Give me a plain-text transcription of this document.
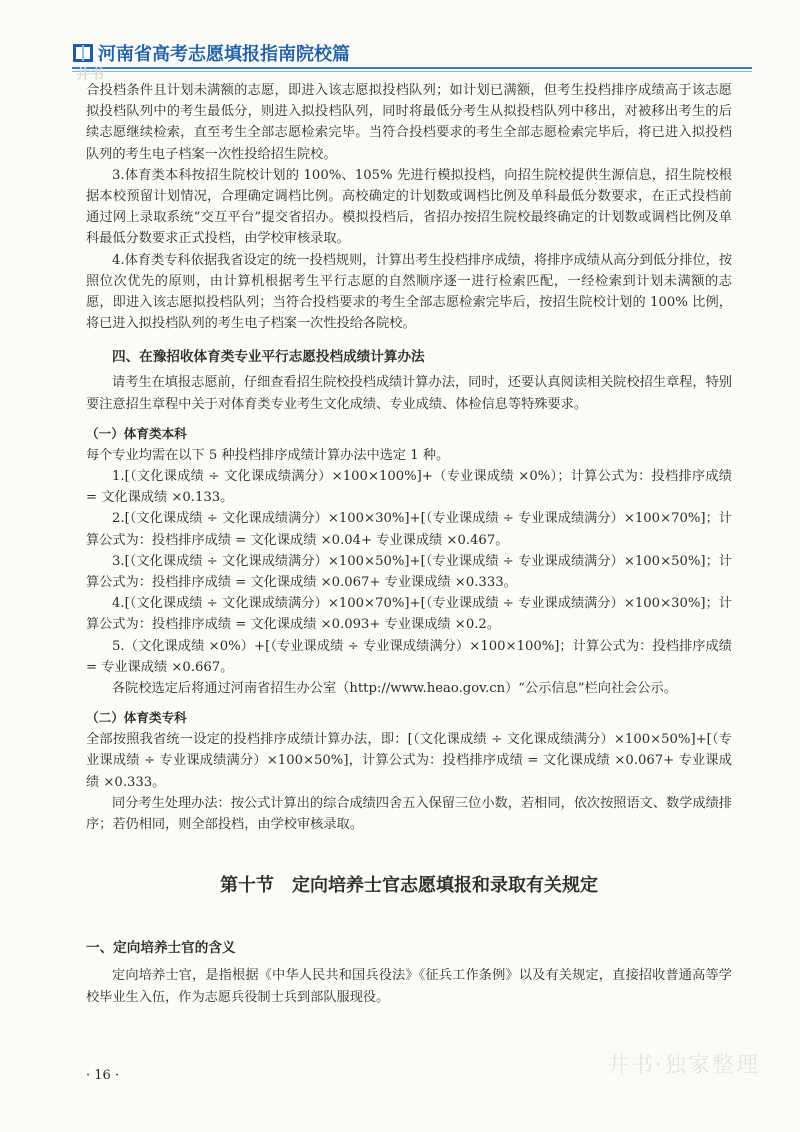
河南省高考志愿填报指南院校篇
井书

合投档条件且计划未满额的志愿，即进入该志愿拟投档队列；如计划已满额，但考生投档排序成绩高于该志愿拟投档队列中的考生最低分，则进入拟投档队列，同时将最低分考生从拟投档队列中移出，对被移出考生的后续志愿继续检索，直至考生全部志愿检索完毕。当符合投档要求的考生全部志愿检索完毕后，将已进入拟投档队列的考生电子档案一次性投给招生院校。

3.体育类本科按招生院校计划的 100%、105% 先进行模拟投档，向招生院校提供生源信息，招生院校根据本校预留计划情况，合理确定调档比例。高校确定的计划数或调档比例及单科最低分数要求，在正式投档前通过网上录取系统“交互平台”提交省招办。模拟投档后，省招办按招生院校最终确定的计划数或调档比例及单科最低分数要求正式投档，由学校审核录取。

4.体育类专科依据我省设定的统一投档规则，计算出考生投档排序成绩，将排序成绩从高分到低分排位，按照位次优先的原则，由计算机根据考生平行志愿的自然顺序逐一进行检索匹配，一经检索到计划未满额的志愿，即进入该志愿拟投档队列；当符合投档要求的考生全部志愿检索完毕后，按招生院校计划的 100% 比例，将已进入拟投档队列的考生电子档案一次性投给各院校。

四、在豫招收体育类专业平行志愿投档成绩计算办法

请考生在填报志愿前，仔细查看招生院校投档成绩计算办法，同时，还要认真阅读相关院校招生章程，特别要注意招生章程中关于对体育类专业考生文化成绩、专业成绩、体检信息等特殊要求。

（一）体育类本科

每个专业均需在以下 5 种投档排序成绩计算办法中选定 1 种。

1.[（文化课成绩 ÷ 文化课成绩满分）×100×100%]+（专业课成绩 ×0%）；计算公式为：投档排序成绩 = 文化课成绩 ×0.133。

2.[（文化课成绩 ÷ 文化课成绩满分）×100×30%]+[（专业课成绩 ÷ 专业课成绩满分）×100×70%]；计算公式为：投档排序成绩 = 文化课成绩 ×0.04+ 专业课成绩 ×0.467。

3.[（文化课成绩 ÷ 文化课成绩满分）×100×50%]+[（专业课成绩 ÷ 专业课成绩满分）×100×50%]；计算公式为：投档排序成绩 = 文化课成绩 ×0.067+ 专业课成绩 ×0.333。

4.[（文化课成绩 ÷ 文化课成绩满分）×100×70%]+[（专业课成绩 ÷ 专业课成绩满分）×100×30%]；计算公式为：投档排序成绩 = 文化课成绩 ×0.093+ 专业课成绩 ×0.2。

5.（文化课成绩 ×0%）+[（专业课成绩 ÷ 专业课成绩满分）×100×100%]；计算公式为：投档排序成绩 = 专业课成绩 ×0.667。

各院校选定后将通过河南省招生办公室（http://www.heao.gov.cn）“公示信息”栏向社会公示。

（二）体育类专科

全部按照我省统一设定的投档排序成绩计算办法，即：[（文化课成绩 ÷ 文化课成绩满分）×100×50%]+[（专业课成绩 ÷ 专业课成绩满分）×100×50%]，计算公式为：投档排序成绩 = 文化课成绩 ×0.067+ 专业课成绩 ×0.333。

同分考生处理办法：按公式计算出的综合成绩四舍五入保留三位小数，若相同，依次按照语文、数学成绩排序；若仍相同，则全部投档，由学校审核录取。

第十节　定向培养士官志愿填报和录取有关规定

一、定向培养士官的含义

定向培养士官，是指根据《中华人民共和国兵役法》《征兵工作条例》以及有关规定，直接招收普通高等学校毕业生入伍，作为志愿兵役制士兵到部队服现役。

· 16 ·	井书·独家整理
